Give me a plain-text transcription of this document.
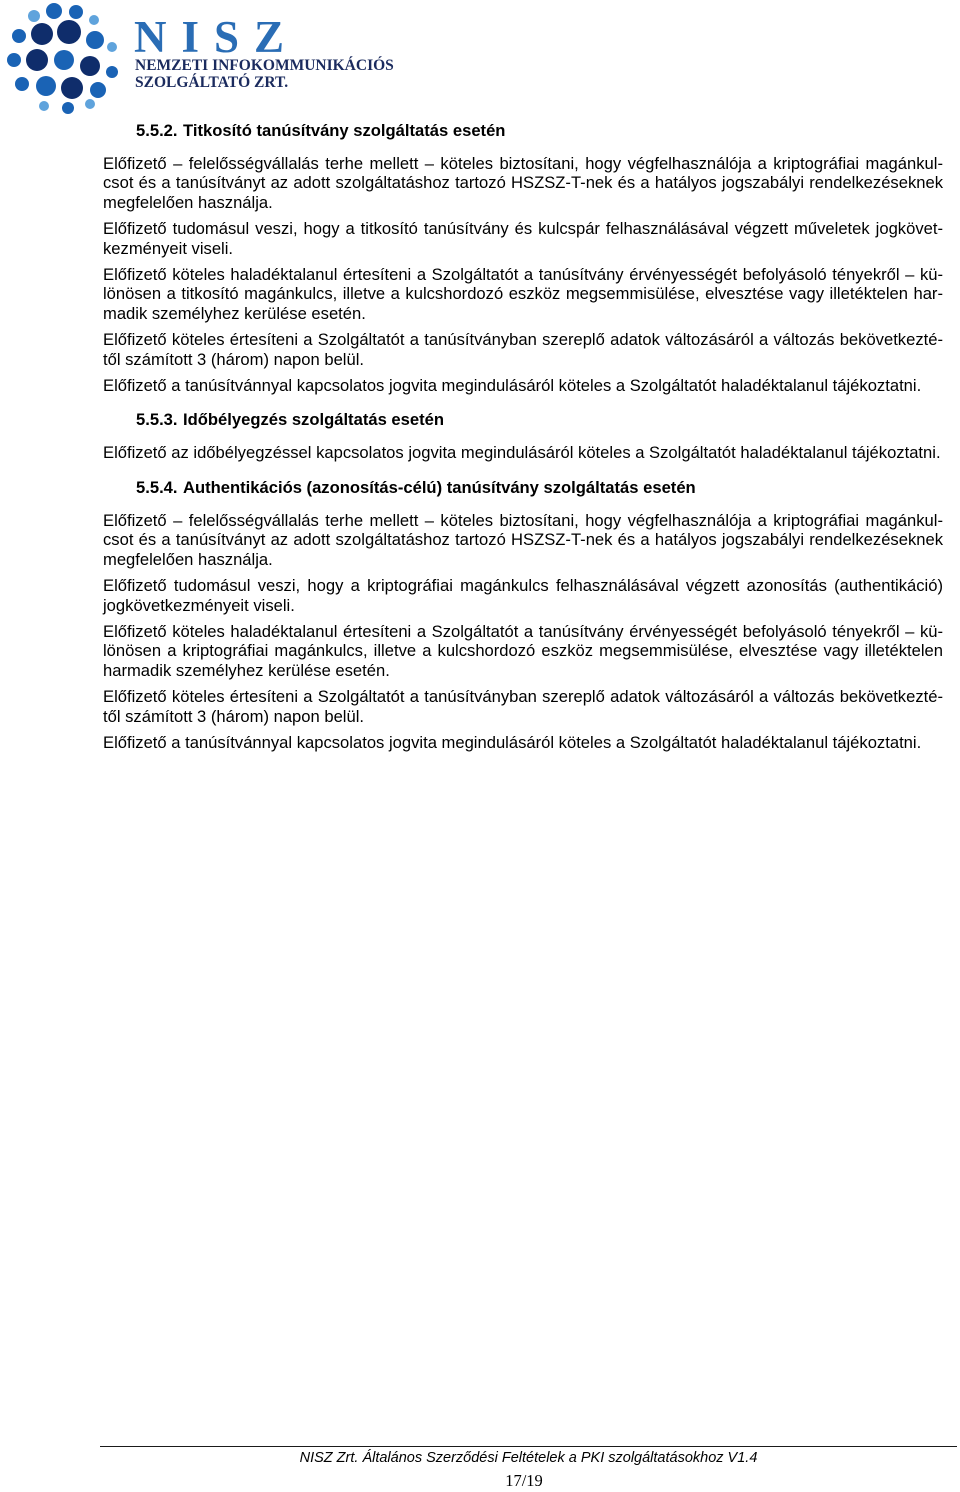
NISZ
NEMZETI INFOKOMMUNIKÁCIÓS
SZOLGÁLTATÓ ZRT.
5.5.2. Titkosító tanúsítvány szolgáltatás esetén
Előfizető – felelősségvállalás terhe mellett – köteles biztosítani, hogy végfelhasználója a kriptográfiai magánkul-
csot és a tanúsítványt az adott szolgáltatáshoz tartozó HSZSZ-T-nek és a hatályos jogszabályi rendelkezéseknek
megfelelően használja.
Előfizető tudomásul veszi, hogy a titkosító tanúsítvány és kulcspár felhasználásával végzett műveletek jogkövet-
kezményeit viseli.
Előfizető köteles haladéktalanul értesíteni a Szolgáltatót a tanúsítvány érvényességét befolyásoló tényekről – kü-
lönösen a titkosító magánkulcs, illetve a kulcshordozó eszköz megsemmisülése, elvesztése vagy illetéktelen har-
madik személyhez kerülése esetén.
Előfizető köteles értesíteni a Szolgáltatót a tanúsítványban szereplő adatok változásáról a változás bekövetkezté-
től számított 3 (három) napon belül.
Előfizető a tanúsítvánnyal kapcsolatos jogvita megindulásáról köteles a Szolgáltatót haladéktalanul tájékoztatni.
5.5.3. Időbélyegzés szolgáltatás esetén
Előfizető az időbélyegzéssel kapcsolatos jogvita megindulásáról köteles a Szolgáltatót haladéktalanul tájékoztatni.
5.5.4. Authentikációs (azonosítás-célú) tanúsítvány szolgáltatás esetén
Előfizető – felelősségvállalás terhe mellett – köteles biztosítani, hogy végfelhasználója a kriptográfiai magánkul-
csot és a tanúsítványt az adott szolgáltatáshoz tartozó HSZSZ-T-nek és a hatályos jogszabályi rendelkezéseknek
megfelelően használja.
Előfizető tudomásul veszi, hogy a kriptográfiai magánkulcs felhasználásával végzett azonosítás (authentikáció)
jogkövetkezményeit viseli.
Előfizető köteles haladéktalanul értesíteni a Szolgáltatót a tanúsítvány érvényességét befolyásoló tényekről – kü-
lönösen a kriptográfiai magánkulcs, illetve a kulcshordozó eszköz megsemmisülése, elvesztése vagy illetéktelen
harmadik személyhez kerülése esetén.
Előfizető köteles értesíteni a Szolgáltatót a tanúsítványban szereplő adatok változásáról a változás bekövetkezté-
től számított 3 (három) napon belül.
Előfizető a tanúsítvánnyal kapcsolatos jogvita megindulásáról köteles a Szolgáltatót haladéktalanul tájékoztatni.
NISZ Zrt. Általános Szerződési Feltételek a PKI szolgáltatásokhoz V1.4
17/19
